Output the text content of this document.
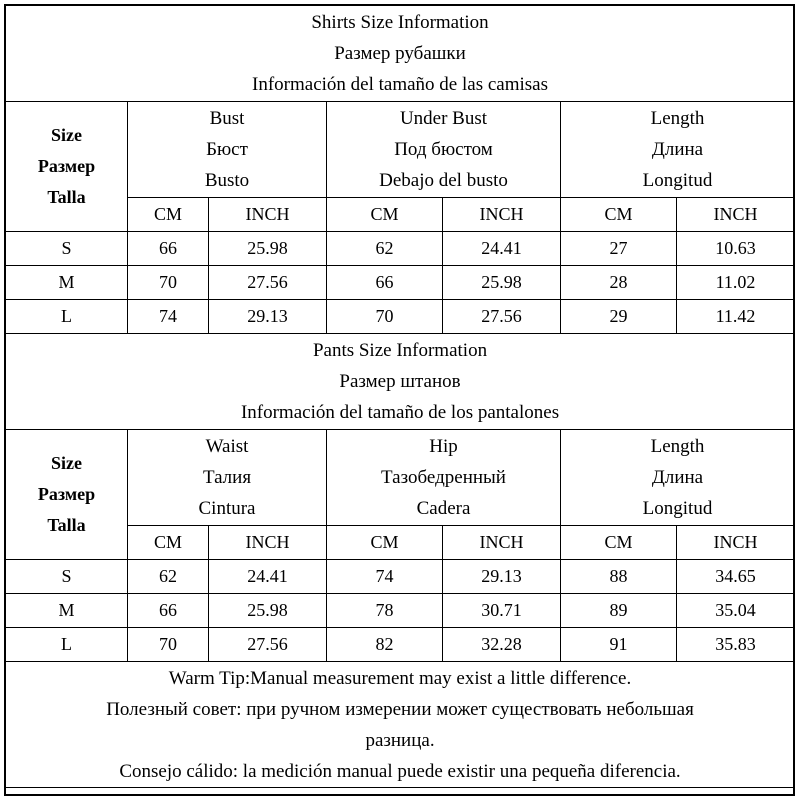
Shirts Size Information
Размер рубашки
Información del tamaño de las camisas						

Size
Размер
Talla	Bust
Бюст
Busto		Under Bust
Под бюстом
Debajo del busto		Length
Длина
Longitud	

	CM	INCH	CM	INCH	CM	INCH
S	66	25.98	62	24.41	27	10.63
M	70	27.56	66	25.98	28	11.02
L	74	29.13	70	27.56	29	11.42

Pants Size Information
Размер штанов
Información del tamaño de los pantalones						

Size
Размер
Talla	Waist
Талия
Cintura		Hip
Тазобедренный
Cadera		Length
Длина
Longitud	

	CM	INCH	CM	INCH	CM	INCH
S	62	24.41	74	29.13	88	34.65
M	66	25.98	78	30.71	89	35.04
L	70	27.56	82	32.28	91	35.83

Warm Tip:Manual measurement may exist a little difference.
Полезный совет: при ручном измерении может существовать небольшая
разница.
Consejo cálido: la medición manual puede existir una pequeña diferencia.						
